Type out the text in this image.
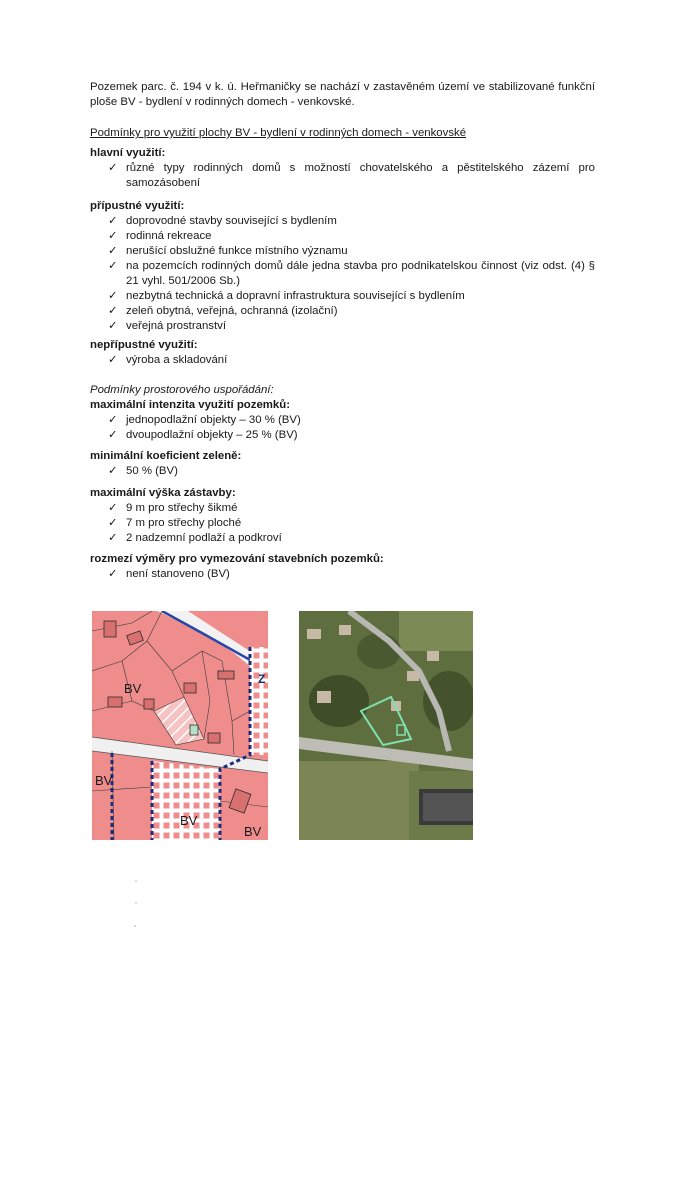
Pozemek parc. č. 194 v k. ú. Heřmaničky se nachází v zastavěném území ve stabilizované funkční ploše BV - bydlení v rodinných domech - venkovské.
Podmínky pro využití plochy BV - bydlení v rodinných domech - venkovské
hlavní využití:
✓ různé typy rodinných domů s možností chovatelského a pěstitelského zázemí pro samozásobení
přípustné využití:
✓ doprovodné stavby související s bydlením
✓ rodinná rekreace
✓ nerušící obslužné funkce místního významu
✓ na pozemcích rodinných domů dále jedna stavba pro podnikatelskou činnost (viz odst. (4) § 21 vyhl. 501/2006 Sb.)
✓ nezbytná technická a dopravní infrastruktura související s bydlením
✓ zeleň obytná, veřejná, ochranná (izolační)
✓ veřejná prostranství
nepřípustné využití:
✓ výroba a skladování
Podmínky prostorového uspořádání:
maximální intenzita využití pozemků:
✓ jednopodlažní objekty – 30 % (BV)
✓ dvoupodlažní objekty – 25 % (BV)
minimální koeficient zeleně:
✓ 50 % (BV)
maximální výška zástavby:
✓ 9 m pro střechy šikmé
✓ 7 m pro střechy ploché
✓ 2 nadzemní podlaží a podkroví
rozmezí výměry pro vymezování stavebních pozemků:
✓ není stanoveno (BV)
BV
BV
BV
BV
Z
